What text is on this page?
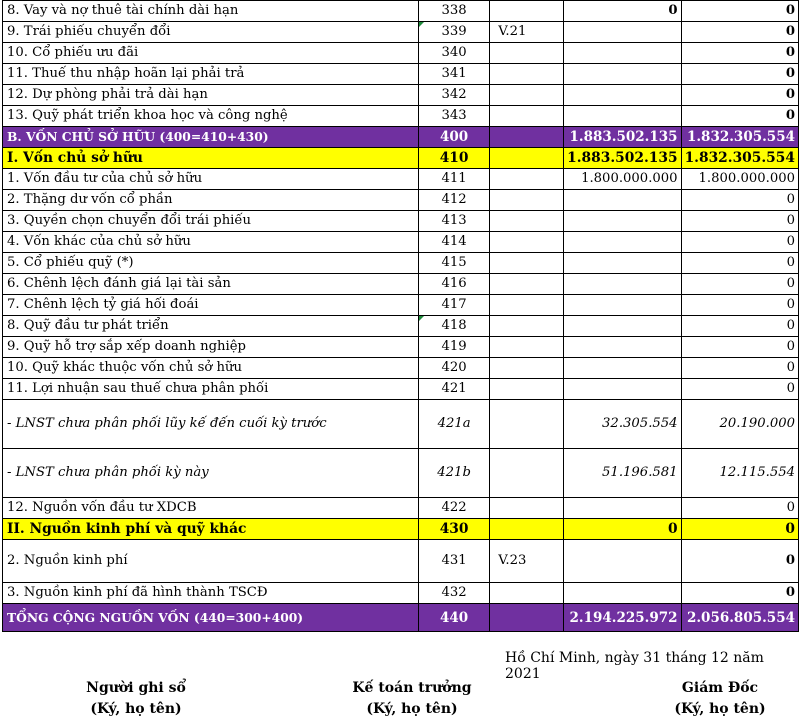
8. Vay và nợ thuê tài chính dài hạn	338		0	0
9. Trái phiếu chuyển đổi	339	V.21		0
10. Cổ phiếu ưu đãi	340			0
11. Thuế thu nhập hoãn lại phải trả	341			0
12. Dự phòng phải trả dài hạn	342			0
13. Quỹ phát triển khoa học và công nghệ	343			0
B. VỐN CHỦ SỞ HỮU (400=410+430)	400		1.883.502.135	1.832.305.554
I. Vốn chủ sở hữu	410		1.883.502.135	1.832.305.554
1. Vốn đầu tư của chủ sở hữu	411		1.800.000.000	1.800.000.000
2. Thặng dư vốn cổ phần	412			0
3. Quyền chọn chuyển đổi trái phiếu	413			0
4. Vốn khác của chủ sở hữu	414			0
5. Cổ phiếu quỹ (*)	415			0
6. Chênh lệch đánh giá lại tài sản	416			0
7. Chênh lệch tỷ giá hối đoái	417			0
8. Quỹ đầu tư phát triển	418			0
9. Quỹ hỗ trợ sắp xếp doanh nghiệp	419			0
10. Quỹ khác thuộc vốn chủ sở hữu	420			0
11. Lợi nhuận sau thuế chưa phân phối	421			0
- LNST chưa phân phối lũy kế đến cuối kỳ trước	421a		32.305.554	20.190.000
- LNST chưa phân phối kỳ này	421b		51.196.581	12.115.554
12. Nguồn vốn đầu tư XDCB	422			0
II. Nguồn kinh phí và quỹ khác	430		0	0
2. Nguồn kinh phí	431	V.23		0
3. Nguồn kinh phí đã hình thành TSCĐ	432			0
TỔNG CỘNG NGUỒN VỐN (440=300+400)	440		2.194.225.972	2.056.805.554
Hồ Chí Minh, ngày 31 tháng 12 năm 2021
Người ghi sổ
(Ký, họ tên)
Kế toán trưởng
(Ký, họ tên)
Giám Đốc
(Ký, họ tên)
